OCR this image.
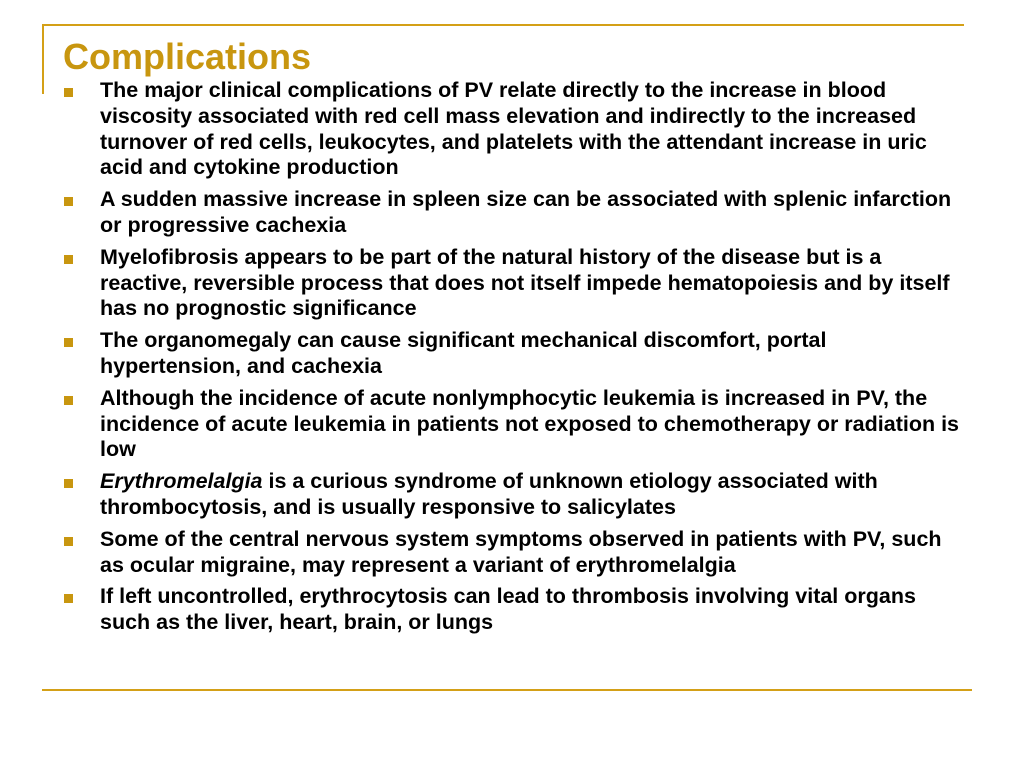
Complications
The major clinical complications of PV relate directly to the increase in blood viscosity associated with red cell mass elevation and indirectly to the increased turnover of red cells, leukocytes, and platelets with the attendant increase in uric acid and cytokine production
A sudden massive increase in spleen size can be associated with splenic infarction or progressive cachexia
Myelofibrosis appears to be part of the natural history of the disease but is a reactive, reversible process that does not itself impede hematopoiesis and by itself has no prognostic significance
The organomegaly can cause significant mechanical discomfort, portal hypertension, and cachexia
Although the incidence of acute nonlymphocytic leukemia is increased in PV, the incidence of acute leukemia in patients not exposed to chemotherapy or radiation is low
Erythromelalgia is a curious syndrome of unknown etiology associated with thrombocytosis, and is usually responsive to salicylates
Some of the central nervous system symptoms observed in patients with PV, such as ocular migraine, may represent a variant of erythromelalgia
If left uncontrolled, erythrocytosis can lead to thrombosis involving vital organs such as the liver, heart, brain, or lungs
